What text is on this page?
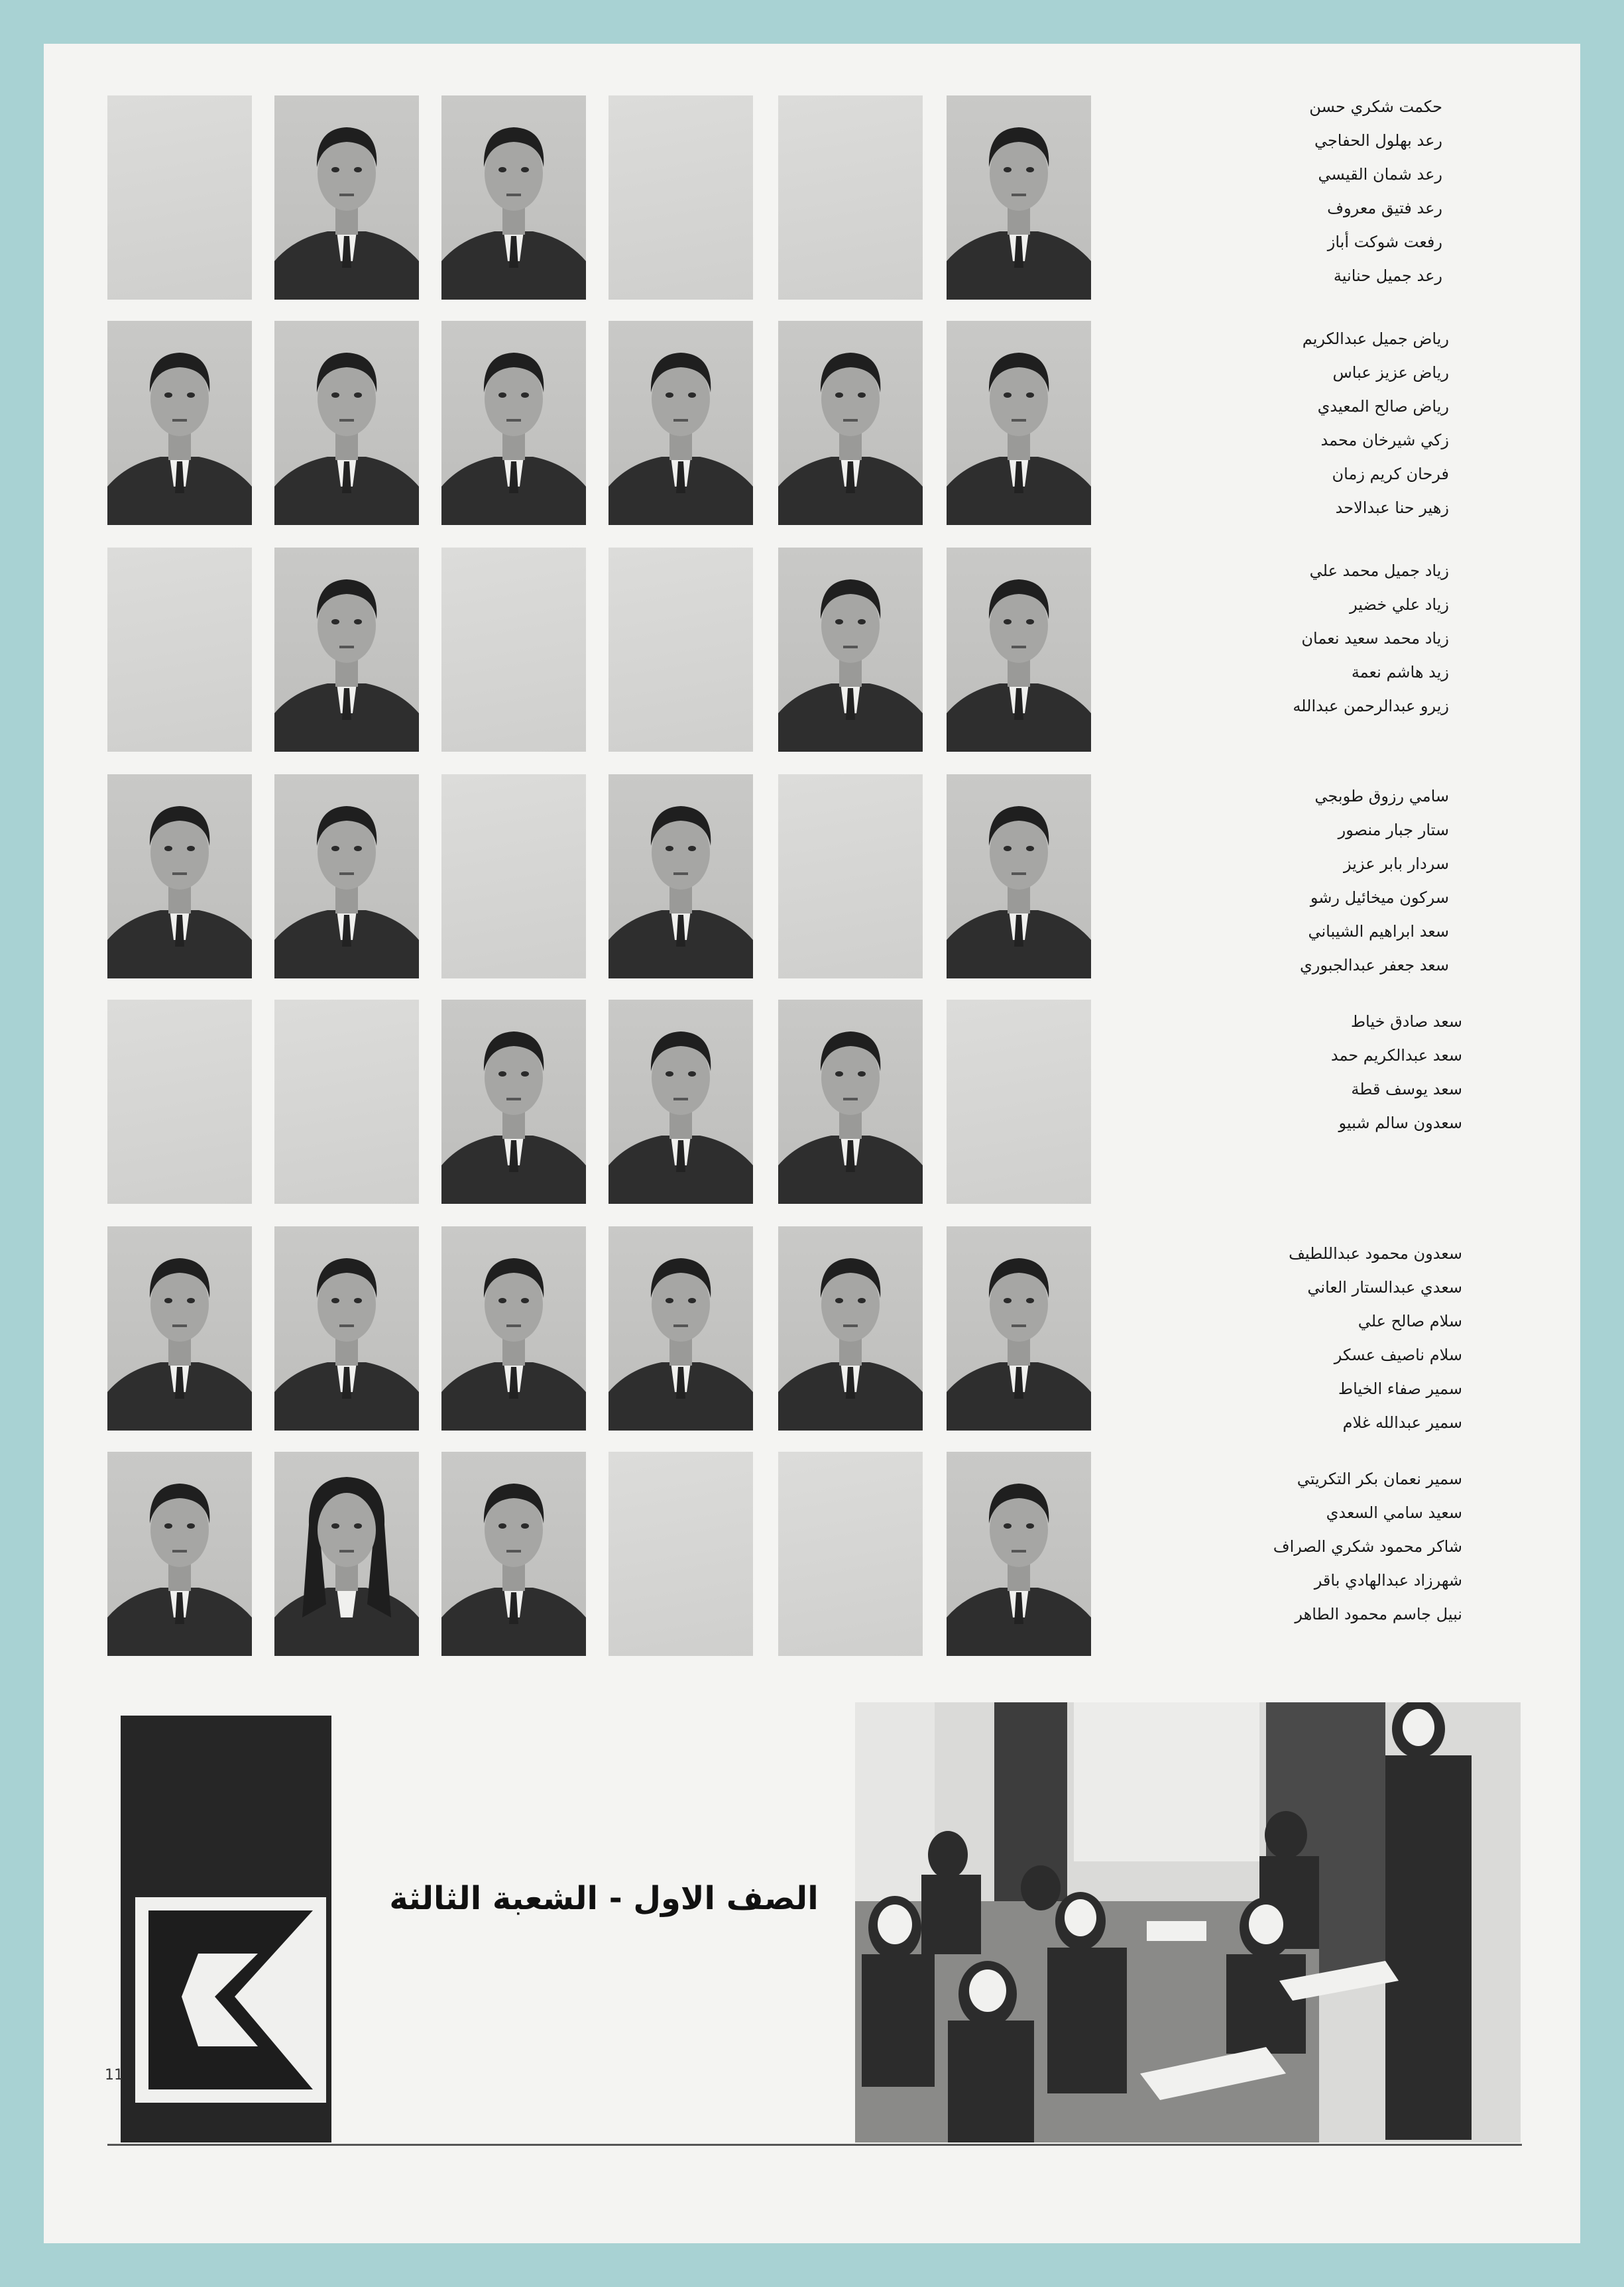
حكمت شكري حسن
رعد بهلول الحفاجي
رعد شمان القيسي
رعد فتيق معروف
رفعت شوكت أباز
رعد جميل حنانية
رياض جميل عبدالكريم
رياض عزيز عباس
رياض صالح المعيدي
زكي شيرخان محمد
فرحان كريم زمان
زهير حنا عبدالاحد
زياد جميل محمد علي
زياد علي خضير
زياد محمد سعيد نعمان
زيد هاشم نعمة
زيرو عبدالرحمن عبدالله
سامي رزوق طوبجي
ستار جبار منصور
سردار بابر عزيز
سركون ميخائيل رشو
سعد ابراهيم الشيباني
سعد جعفر عبدالجبوري
سعد صادق خياط
سعد عبدالكريم حمد
سعد يوسف قطة
سعدون سالم شبيو
سعدون محمود عبداللطيف
سعدي عبدالستار العاني
سلام صالح علي
سلام ناصيف عسكر
سمير صفاء الخياط
سمير عبدالله غلام
سمير نعمان بكر التكريتي
سعيد سامي السعدي
شاكر محمود شكري الصراف
شهرزاد عبدالهادي باقر
نبيل جاسم محمود الطاهر
11
الصف الاول - الشعبة الثالثة
